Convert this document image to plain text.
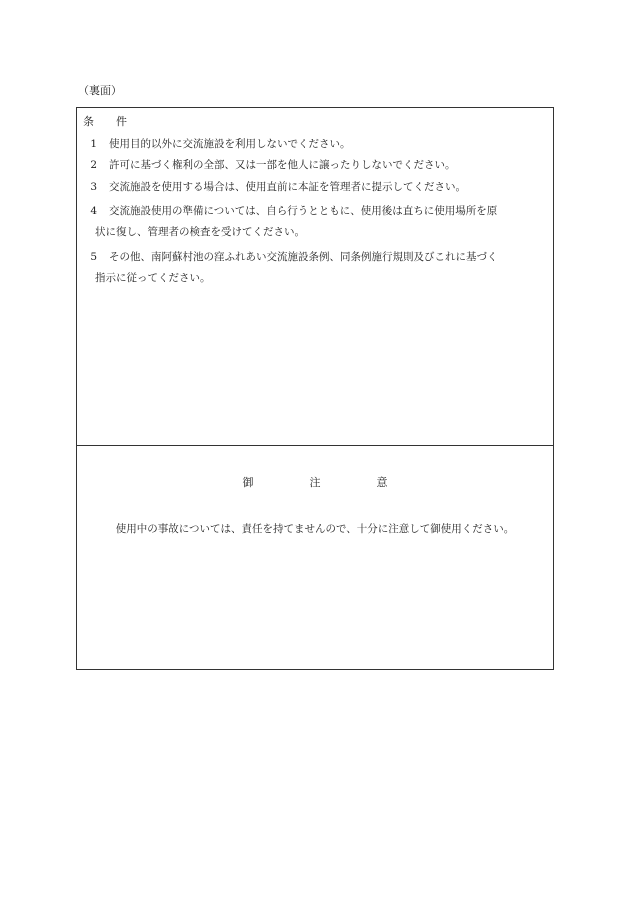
（裏面）
条 件
1 使用目的以外に交流施設を利用しないでください。
2 許可に基づく権利の全部、又は一部を他人に譲ったりしないでください。
3 交流施設を使用する場合は、使用直前に本証を管理者に提示してください。
4 交流施設使用の準備については、自ら行うとともに、使用後は直ちに使用場所を原
状に復し、管理者の検査を受けてください。
5 その他、南阿蘇村池の窪ふれあい交流施設条例、同条例施行規則及びこれに基づく
指示に従ってください。
御	注	意
使用中の事故については、責任を持てませんので、十分に注意して御使用ください。
